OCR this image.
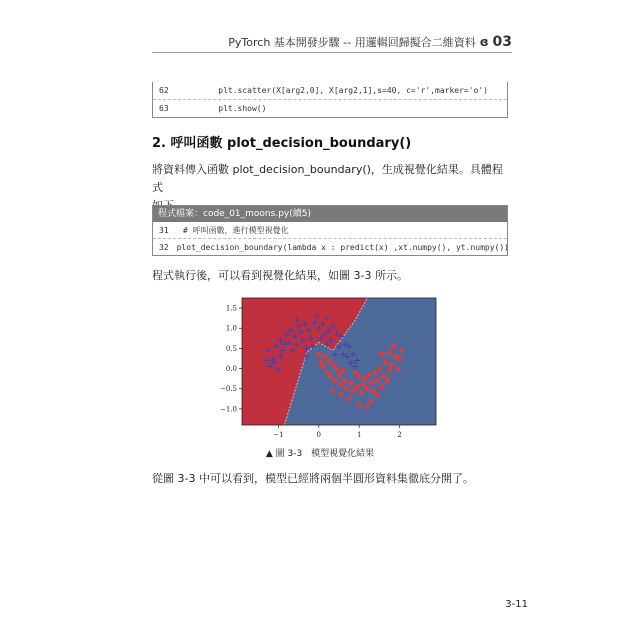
PyTorch 基本開發步驟 -- 用邏輯回歸擬合二維資料 ɞ 03
62	plt.scatter(X[arg2,0], X[arg2,1],s=40, c='r',marker='o')
63	plt.show()
2. 呼叫函數 plot_decision_boundary()
將資料傳入函數 plot_decision_boundary()，生成視覺化結果。具體程式
程式檔案：code_01_moons.py(續5)
31	# 呼叫函數，進行模型視覺化
32	plot_decision_boundary(lambda x : predict(x) ,xt.numpy(), yt.numpy())
程式執行後，可以看到視覺化結果，如圖 3-3 所示。
−1	0	1	2
−1.0
−0.5
0.0
0.5
1.0
1.5
▲ 圖 3-3　模型視覺化結果
從圖 3-3 中可以看到，模型已經將兩個半圓形資料集徹底分開了。
3-11
